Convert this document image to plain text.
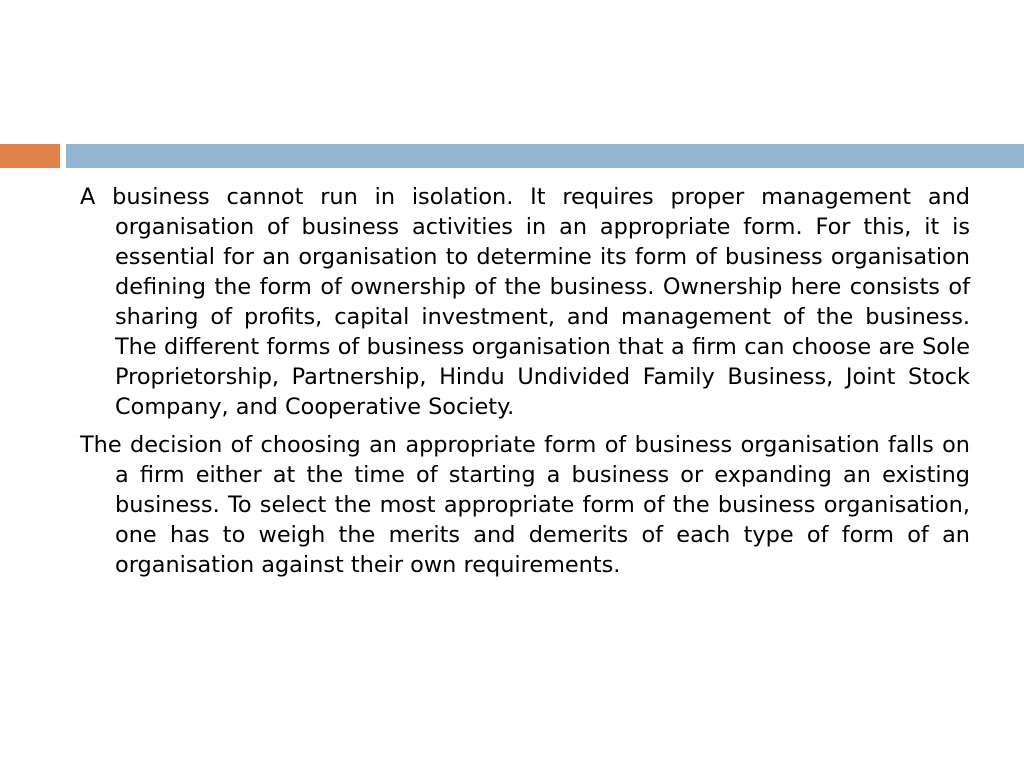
A business cannot run in isolation. It requires proper management and organisation of business activities in an appropriate form. For this, it is essential for an organisation to determine its form of business organisation defining the form of ownership of the business. Ownership here consists of sharing of profits, capital investment, and management of the business. The different forms of business organisation that a firm can choose are Sole Proprietorship, Partnership, Hindu Undivided Family Business, Joint Stock Company, and Cooperative Society.

The decision of choosing an appropriate form of business organisation falls on a firm either at the time of starting a business or expanding an existing business. To select the most appropriate form of the business organisation, one has to weigh the merits and demerits of each type of form of an organisation against their own requirements.
